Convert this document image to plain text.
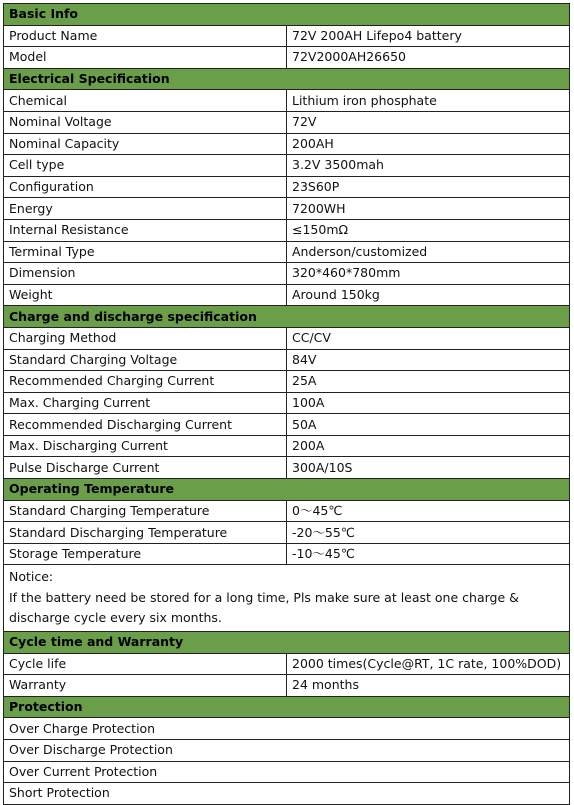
Basic Info	
Product Name	72V 200AH Lifepo4 battery
Model	72V2000AH26650
Electrical Specification	
Chemical	Lithium iron phosphate
Nominal Voltage	72V
Nominal Capacity	200AH
Cell type	3.2V 3500mah
Configuration	23S60P
Energy	7200WH
Internal Resistance	≤150mΩ
Terminal Type	Anderson/customized
Dimension	320*460*780mm
Weight	Around 150kg
Charge and discharge specification	
Charging Method	CC/CV
Standard Charging Voltage	84V
Recommended Charging Current	25A
Max. Charging Current	100A
Recommended Discharging Current	50A
Max. Discharging Current	200A
Pulse Discharge Current	300A/10S
Operating Temperature	
Standard Charging Temperature	0～45℃
Standard Discharging Temperature	-20～55℃
Storage Temperature	-10～45℃

Notice:
If the battery need be stored for a long time, Pls make sure at least one charge & discharge cycle every six months.	

Cycle time and Warranty	
Cycle life	2000 times(Cycle@RT, 1C rate, 100%DOD)
Warranty	24 months
Protection	
Over Charge Protection	
Over Discharge Protection	
Over Current Protection	
Short Protection	
